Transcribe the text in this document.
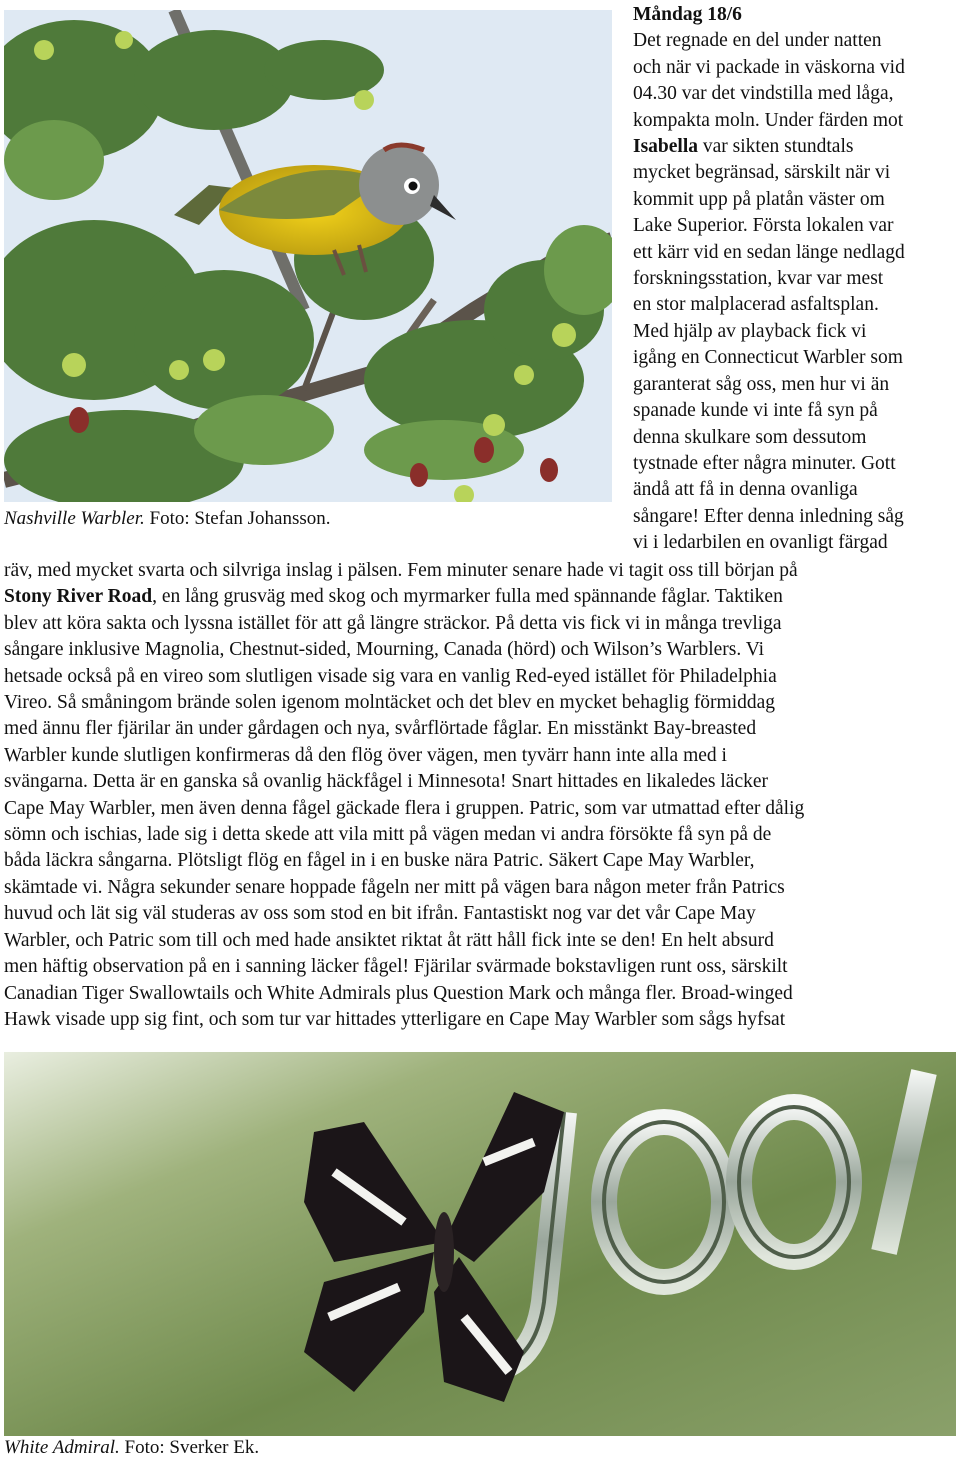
Nashville Warbler. Foto: Stefan Johansson.
Måndag 18/6
Det regnade en del under natten
och när vi packade in väskorna vid
04.30 var det vindstilla med låga,
kompakta moln. Under färden mot
Isabella var sikten stundtals
mycket begränsad, särskilt när vi
kommit upp på platån väster om
Lake Superior. Första lokalen var
ett kärr vid en sedan länge nedlagd
forskningsstation, kvar var mest
en stor malplacerad asfaltsplan.
Med hjälp av playback fick vi
igång en Connecticut Warbler som
garanterat såg oss, men hur vi än
spanade kunde vi inte få syn på
denna skulkare som dessutom
tystnade efter några minuter. Gott
ändå att få in denna ovanliga
sångare! Efter denna inledning såg
vi i ledarbilen en ovanligt färgad
räv, med mycket svarta och silvriga inslag i pälsen. Fem minuter senare hade vi tagit oss till början på
Stony River Road, en lång grusväg med skog och myrmarker fulla med spännande fåglar. Taktiken
blev att köra sakta och lyssna istället för att gå längre sträckor. På detta vis fick vi in många trevliga
sångare inklusive Magnolia, Chestnut-sided, Mourning, Canada (hörd) och Wilson’s Warblers. Vi
hetsade också på en vireo som slutligen visade sig vara en vanlig Red-eyed istället för Philadelphia
Vireo. Så småningom brände solen igenom molntäcket och det blev en mycket behaglig förmiddag
med ännu fler fjärilar än under gårdagen och nya, svårflörtade fåglar. En misstänkt Bay-breasted
Warbler kunde slutligen konfirmeras då den flög över vägen, men tyvärr hann inte alla med i
svängarna. Detta är en ganska så ovanlig häckfågel i Minnesota! Snart hittades en likaledes läcker
Cape May Warbler, men även denna fågel gäckade flera i gruppen. Patric, som var utmattad efter dålig
sömn och ischias, lade sig i detta skede att vila mitt på vägen medan vi andra försökte få syn på de
båda läckra sångarna. Plötsligt flög en fågel in i en buske nära Patric. Säkert Cape May Warbler,
skämtade vi. Några sekunder senare hoppade fågeln ner mitt på vägen bara någon meter från Patrics
huvud och lät sig väl studeras av oss som stod en bit ifrån. Fantastiskt nog var det vår Cape May
Warbler, och Patric som till och med hade ansiktet riktat åt rätt håll fick inte se den! En helt absurd
men häftig observation på en i sanning läcker fågel! Fjärilar svärmade bokstavligen runt oss, särskilt
Canadian Tiger Swallowtails och White Admirals plus Question Mark och många fler. Broad-winged
Hawk visade upp sig fint, och som tur var hittades ytterligare en Cape May Warbler som sågs hyfsat
White Admiral. Foto: Sverker Ek.
